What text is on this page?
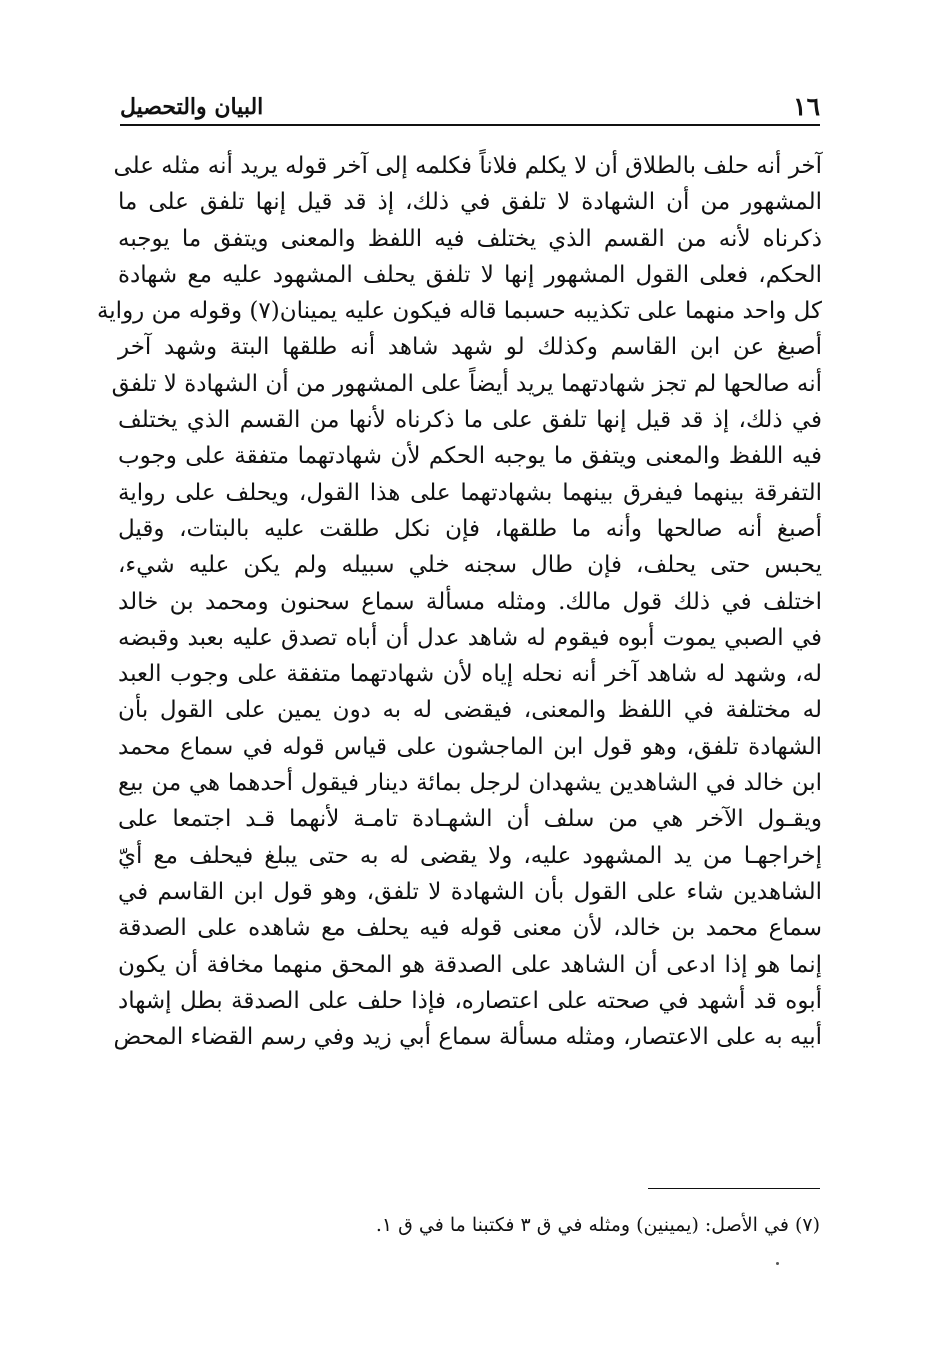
١٦
البيان والتحصيل
آخر أنه حلف بالطلاق أن لا يكلم فلاناً فكلمه إلى آخر قوله يريد أنه مثله على
المشهور من أن الشهادة لا تلفق في ذلك، إذ قد قيل إنها تلفق على ما
ذكرناه لأنه من القسم الذي يختلف فيه اللفظ والمعنى ويتفق ما يوجبه
الحكم، فعلى القول المشهور إنها لا تلفق يحلف المشهود عليه مع شهادة
كل واحد منهما على تكذيبه حسبما قاله فيكون عليه يمينان(٧) وقوله من رواية
أصبغ عن ابن القاسم وكذلك لو شهد شاهد أنه طلقها البتة وشهد آخر
أنه صالحها لم تجز شهادتهما يريد أيضاً على المشهور من أن الشهادة لا تلفق
في ذلك، إذ قد قيل إنها تلفق على ما ذكرناه لأنها من القسم الذي يختلف
فيه اللفظ والمعنى ويتفق ما يوجبه الحكم لأن شهادتهما متفقة على وجوب
التفرقة بينهما فيفرق بينهما بشهادتهما على هذا القول، ويحلف على رواية
أصبغ أنه صالحها وأنه ما طلقها، فإن نكل طلقت عليه بالبتات، وقيل
يحبس حتى يحلف، فإن طال سجنه خلي سبيله ولم يكن عليه شيء،
اختلف في ذلك قول مالك. ومثله مسألة سماع سحنون ومحمد بن خالد
في الصبي يموت أبوه فيقوم له شاهد عدل أن أباه تصدق عليه بعبد وقبضه
له، وشهد له شاهد آخر أنه نحله إياه لأن شهادتهما متفقة على وجوب العبد
له مختلفة في اللفظ والمعنى، فيقضى له به دون يمين على القول بأن
الشهادة تلفق، وهو قول ابن الماجشون على قياس قوله في سماع محمد
ابن خالد في الشاهدين يشهدان لرجل بمائة دينار فيقول أحدهما هي من بيع
ويقـول الآخر هي من سلف أن الشهـادة تامـة لأنهما قـد اجتمعا على
إخراجهـا من يد المشهود عليه، ولا يقضى له به حتى يبلغ فيحلف مع أيّ
الشاهدين شاء على القول بأن الشهادة لا تلفق، وهو قول ابن القاسم في
سماع محمد بن خالد، لأن معنى قوله فيه يحلف مع شاهده على الصدقة
إنما هو إذا ادعى أن الشاهد على الصدقة هو المحق منهما مخافة أن يكون
أبوه قد أشهد في صحته على اعتصاره، فإذا حلف على الصدقة بطل إشهاد
أبيه به على الاعتصار، ومثله مسألة سماع أبي زيد وفي رسم القضاء المحض
(٧) في الأصل: (يمينين) ومثله في ق ٣ فكتبنا ما في ق ١.
